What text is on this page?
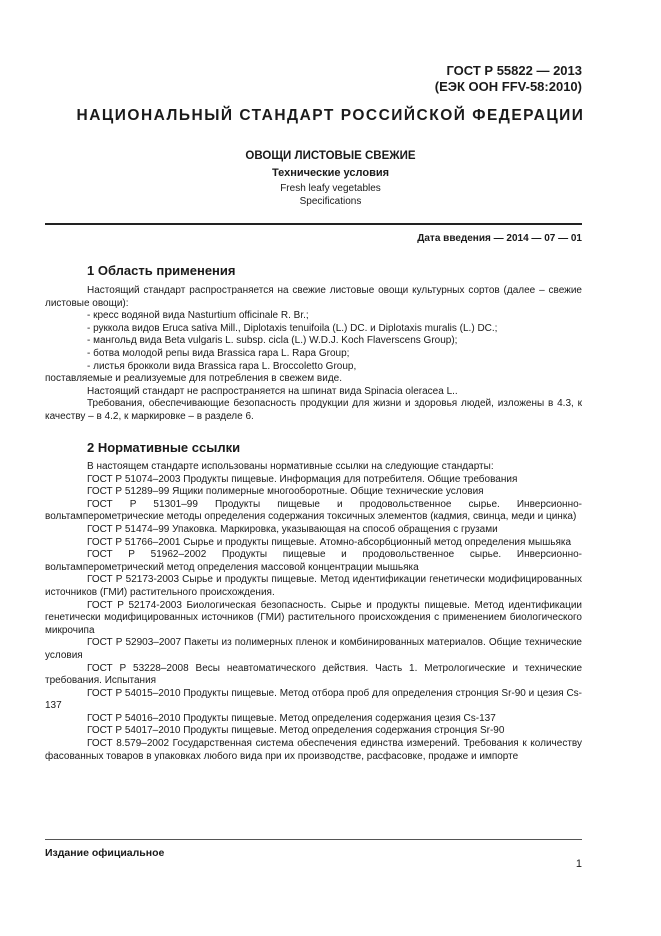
ГОСТ Р 55822 — 2013
(ЕЭК ООН FFV-58:2010)
НАЦИОНАЛЬНЫЙ СТАНДАРТ РОССИЙСКОЙ ФЕДЕРАЦИИ
ОВОЩИ ЛИСТОВЫЕ СВЕЖИЕ
Технические условия
Fresh leafy vegetables
Specifications
Дата введения — 2014 — 07 — 01
1 Область применения

Настоящий стандарт распространяется на свежие листовые овощи культурных сортов (далее – свежие листовые овощи):

- кресс водяной вида Nasturtium officinale R. Br.;

- руккола видов Eruca sativa Mill., Diplotaxis tenuifoila (L.) DC. и Diplotaxis muralis (L.) DC.;

- мангольд вида Beta vulgaris L. subsp. cicla (L.) W.D.J. Koch Flaverscens Group);

- ботва молодой репы вида Brassica rapa L. Rapa Group;

- листья брокколи вида Brassica rapa L. Broccoletto Group,

поставляемые и реализуемые для потребления в свежем виде.

Настоящий стандарт не распространяется на шпинат вида Spinacia oleracea L..

Требования, обеспечивающие безопасность продукции для жизни и здоровья людей, изложены в 4.3, к качеству – в 4.2, к маркировке – в разделе 6.

2 Нормативные ссылки

В настоящем стандарте использованы нормативные ссылки на следующие стандарты:

ГОСТ Р 51074–2003 Продукты пищевые. Информация для потребителя. Общие требования

ГОСТ Р 51289–99 Ящики полимерные многооборотные. Общие технические условия

ГОСТ Р 51301–99 Продукты пищевые и продовольственное сырье. Инверсионно-вольтамперометрические методы определения содержания токсичных элементов (кадмия, свинца, меди и цинка)

ГОСТ Р 51474–99 Упаковка. Маркировка, указывающая на способ обращения с грузами

ГОСТ Р 51766–2001 Сырье и продукты пищевые. Атомно-абсорбционный метод определения мышьяка

ГОСТ Р 51962–2002 Продукты пищевые и продовольственное сырье. Инверсионно-вольтамперометрический метод определения массовой концентрации мышьяка

ГОСТ Р 52173-2003 Сырье и продукты пищевые. Метод идентификации генетически модифицированных источников (ГМИ) растительного происхождения.

ГОСТ Р 52174-2003 Биологическая безопасность. Сырье и продукты пищевые. Метод идентификации генетически модифицированных источников (ГМИ) растительного происхождения с применением биологического микрочипа

ГОСТ Р 52903–2007 Пакеты из полимерных пленок и комбинированных материалов. Общие технические условия

ГОСТ Р 53228–2008 Весы неавтоматического действия. Часть 1. Метрологические и технические требования. Испытания

ГОСТ Р 54015–2010 Продукты пищевые. Метод отбора проб для определения стронция Sr-90 и цезия Cs-137

ГОСТ Р 54016–2010 Продукты пищевые. Метод определения содержания цезия Cs-137

ГОСТ Р 54017–2010 Продукты пищевые. Метод определения содержания стронция Sr-90

ГОСТ 8.579–2002 Государственная система обеспечения единства измерений. Требования к количеству фасованных товаров в упаковках любого вида при их производстве, расфасовке, продаже и импорте

Издание официальное
1
